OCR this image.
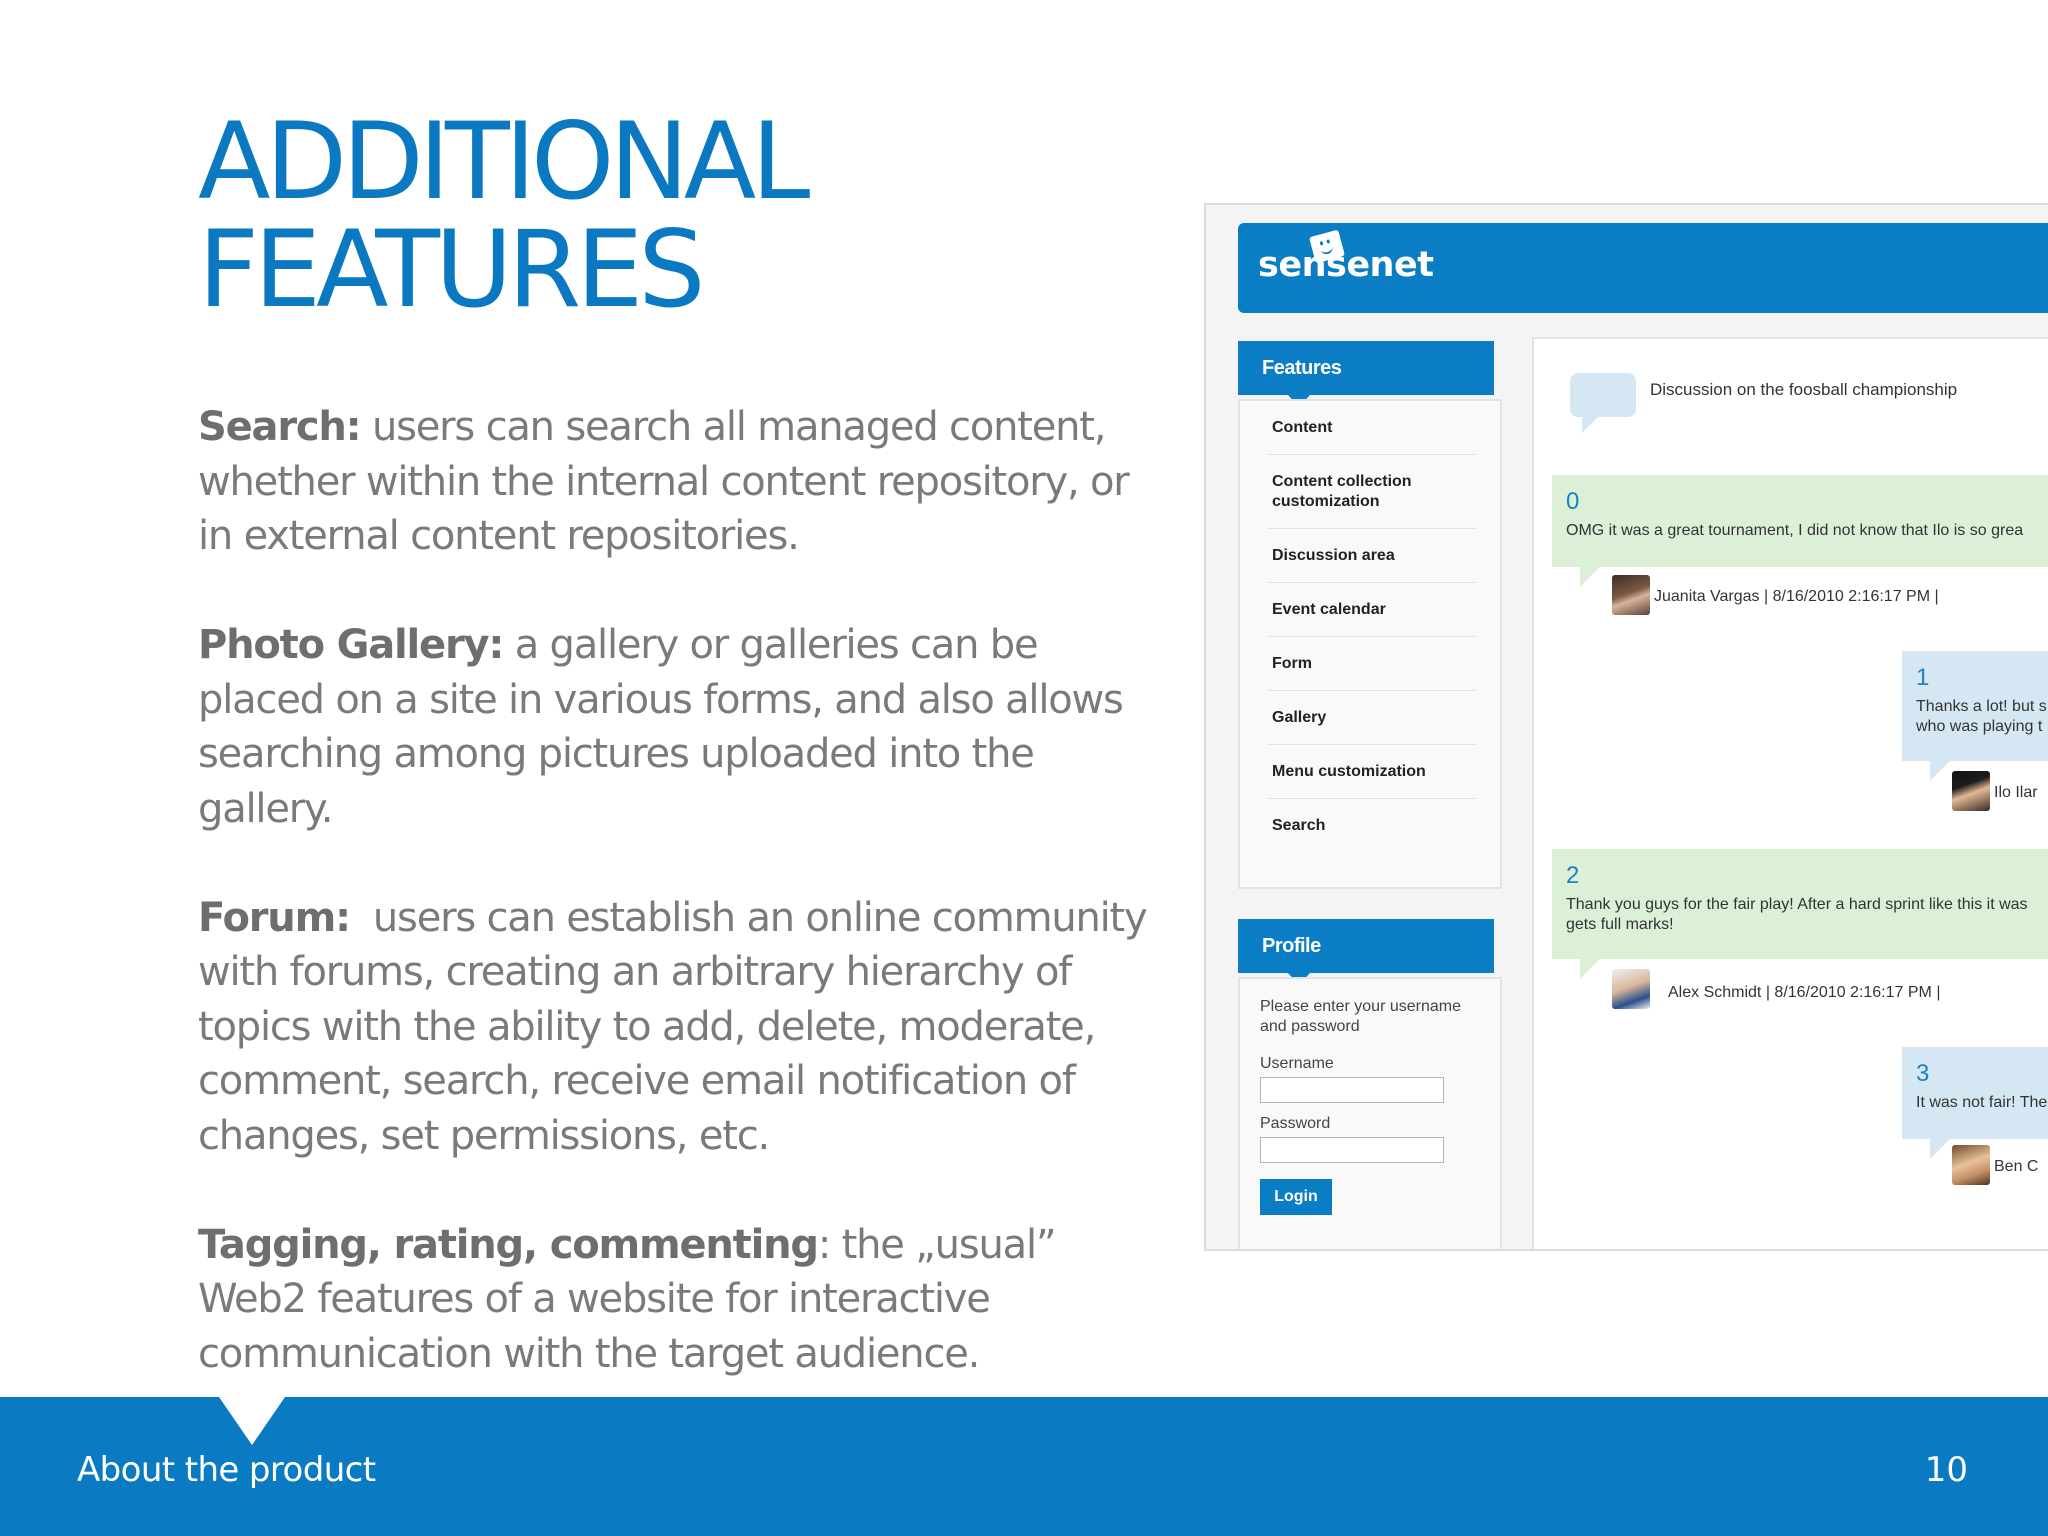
ADDITIONAL
FEATURES

Search: users can search all managed content, whether within the internal content repository, or in external content repositories.

Photo Gallery: a gallery or galleries can be placed on a site in various forms, and also allows searching among pictures uploaded into the gallery.

Forum:  users can establish an online community with forums, creating an arbitrary hierarchy of topics with the ability to add, delete, moderate, comment, search, receive email notification of changes, set permissions, etc.

Tagging, rating, commenting: the „usual” Web2 features of a website for interactive communication with the target audience.

sensenet
Features
Content
Content collection customization
Discussion area
Event calendar
Form
Gallery
Menu customization
Search
Profile
Please enter your username and password
Username
Password
Login
Discussion on the foosball championship
0
OMG it was a great tournament, I did not know that Ilo is so grea
Juanita Vargas | 8/16/2010 2:16:17 PM |
1
Thanks a lot! but s
who was playing t
Ilo Ilar
2
Thank you guys for the fair play! After a hard sprint like this it was
gets full marks!
Alex Schmidt | 8/16/2010 2:16:17 PM |
3
It was not fair! The
Ben C
About the product	10
